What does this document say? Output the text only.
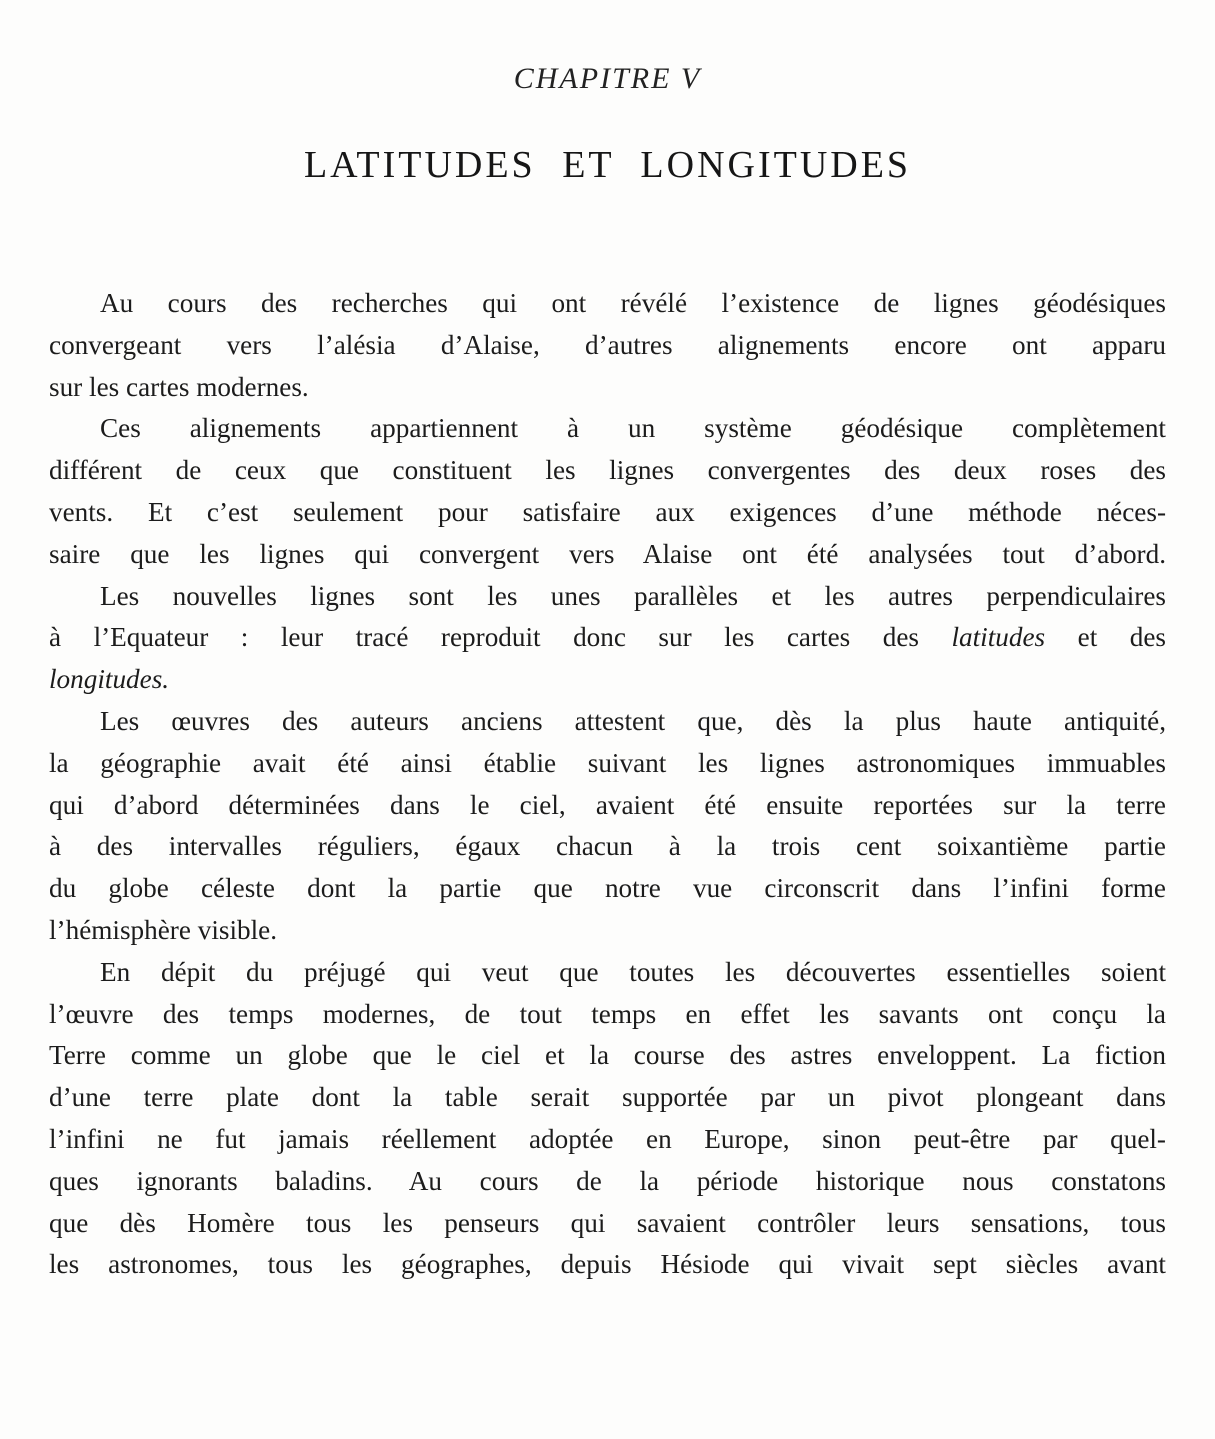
CHAPITRE V
LATITUDES ET LONGITUDES
Au cours des recherches qui ont révélé l’existence de lignes géodésiques
convergeant vers l’alésia d’Alaise, d’autres alignements encore ont apparu
sur les cartes modernes.
Ces alignements appartiennent à un système géodésique complètement
différent de ceux que constituent les lignes convergentes des deux roses des
vents. Et c’est seulement pour satisfaire aux exigences d’une méthode néces-
saire que les lignes qui convergent vers Alaise ont été analysées tout d’abord.
Les nouvelles lignes sont les unes parallèles et les autres perpendiculaires
à l’Equateur : leur tracé reproduit donc sur les cartes des latitudes et des
longitudes.
Les œuvres des auteurs anciens attestent que, dès la plus haute antiquité,
la géographie avait été ainsi établie suivant les lignes astronomiques immuables
qui d’abord déterminées dans le ciel, avaient été ensuite reportées sur la terre
à des intervalles réguliers, égaux chacun à la trois cent soixantième partie
du globe céleste dont la partie que notre vue circonscrit dans l’infini forme
l’hémisphère visible.
En dépit du préjugé qui veut que toutes les découvertes essentielles soient
l’œuvre des temps modernes, de tout temps en effet les savants ont conçu la
Terre comme un globe que le ciel et la course des astres enveloppent. La fiction
d’une terre plate dont la table serait supportée par un pivot plongeant dans
l’infini ne fut jamais réellement adoptée en Europe, sinon peut-être par quel-
ques ignorants baladins. Au cours de la période historique nous constatons
que dès Homère tous les penseurs qui savaient contrôler leurs sensations, tous
les astronomes, tous les géographes, depuis Hésiode qui vivait sept siècles avant
